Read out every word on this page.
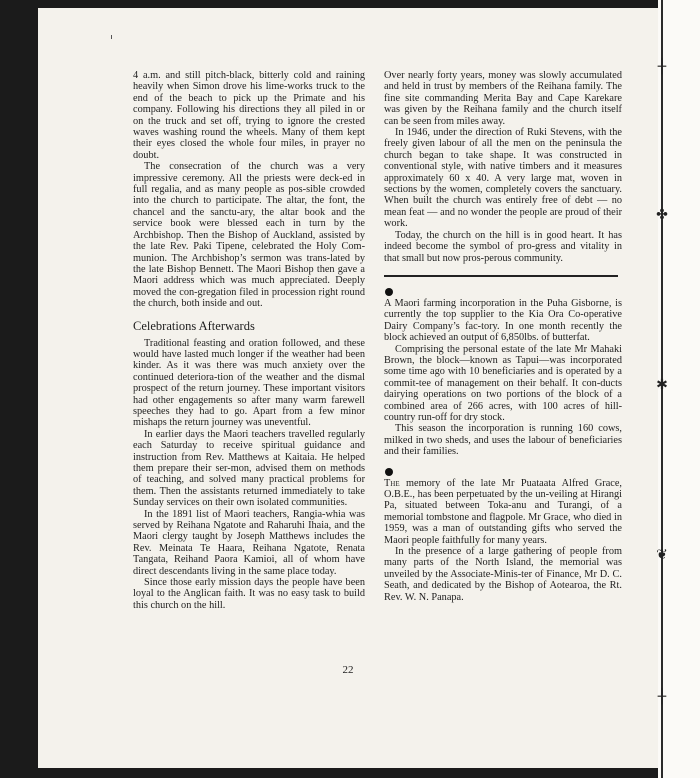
4 a.m. and still pitch-black, bitterly cold and raining heavily when Simon drove his lime-works truck to the end of the beach to pick up the Primate and his company. Following his directions they all piled in or on the truck and set off, trying to ignore the crested waves washing round the wheels. Many of them kept their eyes closed the whole four miles, in prayer no doubt.

The consecration of the church was a very impressive ceremony. All the priests were deck-ed in full regalia, and as many people as pos-sible crowded into the church to participate. The altar, the font, the chancel and the sanctu-ary, the altar book and the service book were blessed each in turn by the Archbishop. Then the Bishop of Auckland, assisted by the late Rev. Paki Tipene, celebrated the Holy Com-munion. The Archbishop’s sermon was trans-lated by the late Bishop Bennett. The Maori Bishop then gave a Maori address which was much appreciated. Deeply moved the con-gregation filed in procession right round the church, both inside and out.

Celebrations Afterwards

Traditional feasting and oration followed, and these would have lasted much longer if the weather had been kinder. As it was there was much anxiety over the continued deteriora-tion of the weather and the dismal prospect of the return journey. These important visitors had other engagements so after many warm farewell speeches they had to go. Apart from a few minor mishaps the return journey was uneventful.

In earlier days the Maori teachers travelled regularly each Saturday to receive spiritual guidance and instruction from Rev. Matthews at Kaitaia. He helped them prepare their ser-mon, advised them on methods of teaching, and solved many practical problems for them. Then the assistants returned immediately to take Sunday services on their own isolated communities.

In the 1891 list of Maori teachers, Rangia-whia was served by Reihana Ngatote and Raharuhi Ihaia, and the Maori clergy taught by Joseph Matthews includes the Rev. Meinata Te Haara, Reihana Ngatote, Renata Tangata, Reihand Paora Kamioi, all of whom have direct descendants living in the same place today.

Since those early mission days the people have been loyal to the Anglican faith. It was no easy task to build this church on the hill.

Over nearly forty years, money was slowly accumulated and held in trust by members of the Reihana family. The fine site commanding Merita Bay and Cape Karekare was given by the Reihana family and the church itself can be seen from miles away.

In 1946, under the direction of Ruki Stevens, with the freely given labour of all the men on the peninsula the church began to take shape. It was constructed in conventional style, with native timbers and it measures approximately 60 x 40. A very large mat, woven in sections by the women, completely covers the sanctuary. When built the church was entirely free of debt — no mean feat — and no wonder the people are proud of their work.

Today, the church on the hill is in good heart. It has indeed become the symbol of pro-gress and vitality in that small but now pros-perous community.

A Maori farming incorporation in the Puha Gisborne, is currently the top supplier to the Kia Ora Co-operative Dairy Company’s fac-tory. In one month recently the block achieved an output of 6,850lbs. of butterfat.

Comprising the personal estate of the late Mr Mahaki Brown, the block—known as Tapui—was incorporated some time ago with 10 beneficiaries and is operated by a commit-tee of management on their behalf. It con-ducts dairying operations on two portions of the block of a combined area of 266 acres, with 100 acres of hill-country run-off for dry stock.

This season the incorporation is running 160 cows, milked in two sheds, and uses the labour of beneficiaries and their families.

The memory of the late Mr Puataata Alfred Grace, O.B.E., has been perpetuated by the un-veiling at Hirangi Pa, situated between Toka-anu and Turangi, of a memorial tombstone and flagpole. Mr Grace, who died in 1959, was a man of outstanding gifts who served the Maori people faithfully for many years.

In the presence of a large gathering of people from many parts of the North Island, the memorial was unveiled by the Associate-Minis-ter of Finance, Mr D. C. Seath, and dedicated by the Bishop of Aotearoa, the Rt. Rev. W. N. Panapa.

22
┼
✤
✱
❦
┼
